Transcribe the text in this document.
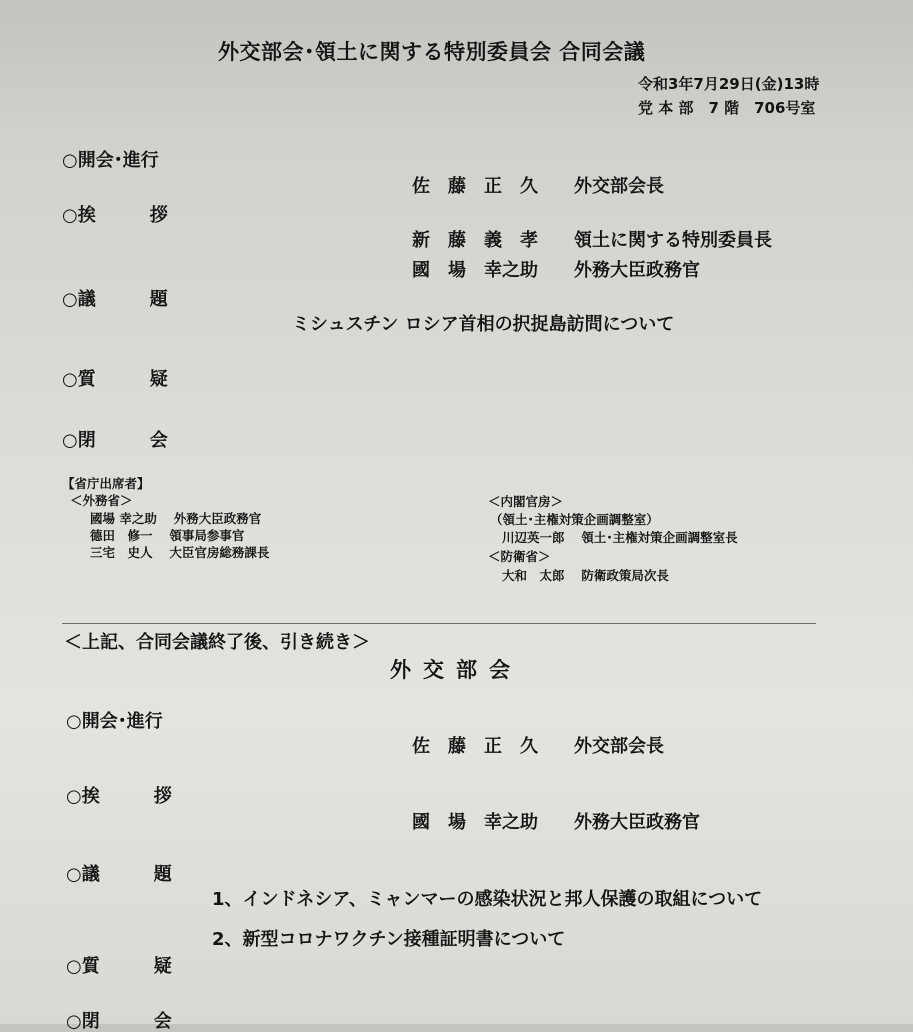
外交部会･領土に関する特別委員会 合同会議
令和3年7月29日(金)13時
党 本 部　7 階　706号室
○開会･進行
佐　藤　正　久　　外交部会長
○挨　　　拶
新　藤　義　孝　　領土に関する特別委員長
國　場　幸之助　　外務大臣政務官
○議　　　題
ミシュスチン ロシア首相の択捉島訪問について
○質　　　疑
○閉　　　会
【省庁出席者】
＜外務省＞
國場 幸之助　 外務大臣政務官
德田　修一　 領事局参事官
三宅　史人　 大臣官房総務課長
＜内閣官房＞
（領土･主権対策企画調整室）
川辺英一郎　 領土･主権対策企画調整室長
＜防衛省＞
大和　太郎　 防衛政策局次長
＜上記、合同会議終了後、引き続き＞
外交部会
○開会･進行
佐　藤　正　久　　外交部会長
○挨　　　拶
國　場　幸之助　　外務大臣政務官
○議　　　題
1、インドネシア、ミャンマーの感染状況と邦人保護の取組について
2、新型コロナワクチン接種証明書について
○質　　　疑
○閉　　　会
